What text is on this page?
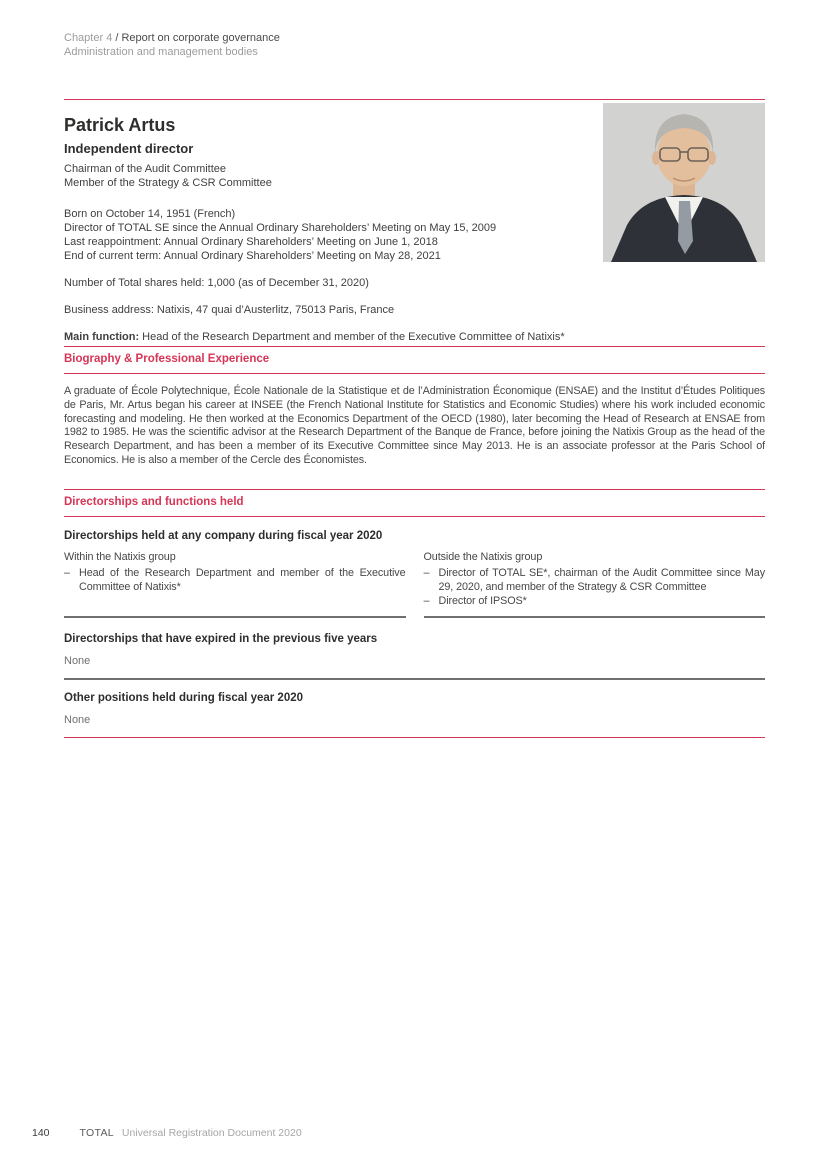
Chapter 4 / Report on corporate governance
Administration and management bodies
Patrick Artus
Independent director
Chairman of the Audit Committee
Member of the Strategy & CSR Committee
Born on October 14, 1951 (French)
Director of TOTAL SE since the Annual Ordinary Shareholders’ Meeting on May 15, 2009
Last reappointment: Annual Ordinary Shareholders’ Meeting on June 1, 2018
End of current term: Annual Ordinary Shareholders’ Meeting on May 28, 2021
Number of Total shares held: 1,000 (as of December 31, 2020)
Business address: Natixis, 47 quai d’Austerlitz, 75013 Paris, France
Main function: Head of the Research Department and member of the Executive Committee of Natixis*
Biography & Professional Experience
A graduate of École Polytechnique, École Nationale de la Statistique et de l’Administration Économique (ENSAE) and the Institut d’Études Politiques de Paris, Mr. Artus began his career at INSEE (the French National Institute for Statistics and Economic Studies) where his work included economic forecasting and modeling. He then worked at the Economics Department of the OECD (1980), later becoming the Head of Research at ENSAE from 1982 to 1985. He was the scientific advisor at the Research Department of the Banque de France, before joining the Natixis Group as the head of the Research Department, and has been a member of its Executive Committee since May 2013. He is an associate professor at the Paris School of Economics. He is also a member of the Cercle des Économistes.
Directorships and functions held
Directorships held at any company during fiscal year 2020
Within the Natixis group
– Head of the Research Department and member of the Executive Committee of Natixis*
Outside the Natixis group
– Director of TOTAL SE*, chairman of the Audit Committee since May 29, 2020, and member of the Strategy & CSR Committee
– Director of IPSOS*
Directorships that have expired in the previous five years
None
Other positions held during fiscal year 2020
None
140	TOTAL Universal Registration Document 2020
